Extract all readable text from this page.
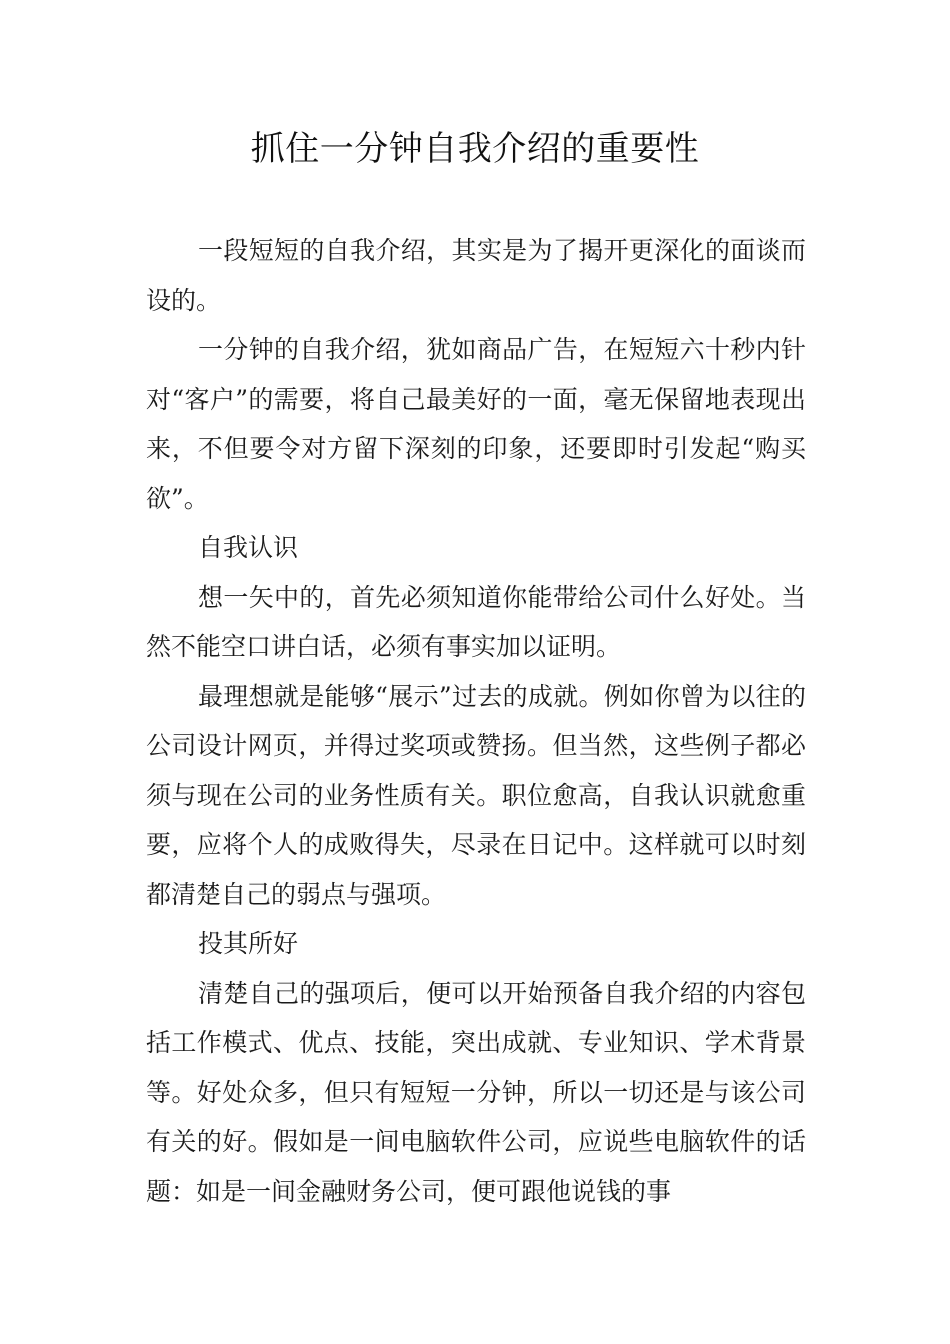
抓住一分钟自我介绍的重要性

一段短短的自我介绍，其实是为了揭开更深化的面谈而设的。

一分钟的自我介绍，犹如商品广告，在短短六十秒内针对“客户”的需要，将自己最美好的一面，毫无保留地表现出来，不但要令对方留下深刻的印象，还要即时引发起“购买欲”。

自我认识

想一矢中的，首先必须知道你能带给公司什么好处。当然不能空口讲白话，必须有事实加以证明。

最理想就是能够“展示”过去的成就。例如你曾为以往的公司设计网页，并得过奖项或赞扬。但当然，这些例子都必须与现在公司的业务性质有关。职位愈高，自我认识就愈重要，应将个人的成败得失，尽录在日记中。这样就可以时刻都清楚自己的弱点与强项。

投其所好

清楚自己的强项后，便可以开始预备自我介绍的内容包括工作模式、优点、技能，突出成就、专业知识、学术背景等。好处众多，但只有短短一分钟，所以一切还是与该公司有关的好。假如是一间电脑软件公司，应说些电脑软件的话题：如是一间金融财务公司，便可跟他说钱的事
